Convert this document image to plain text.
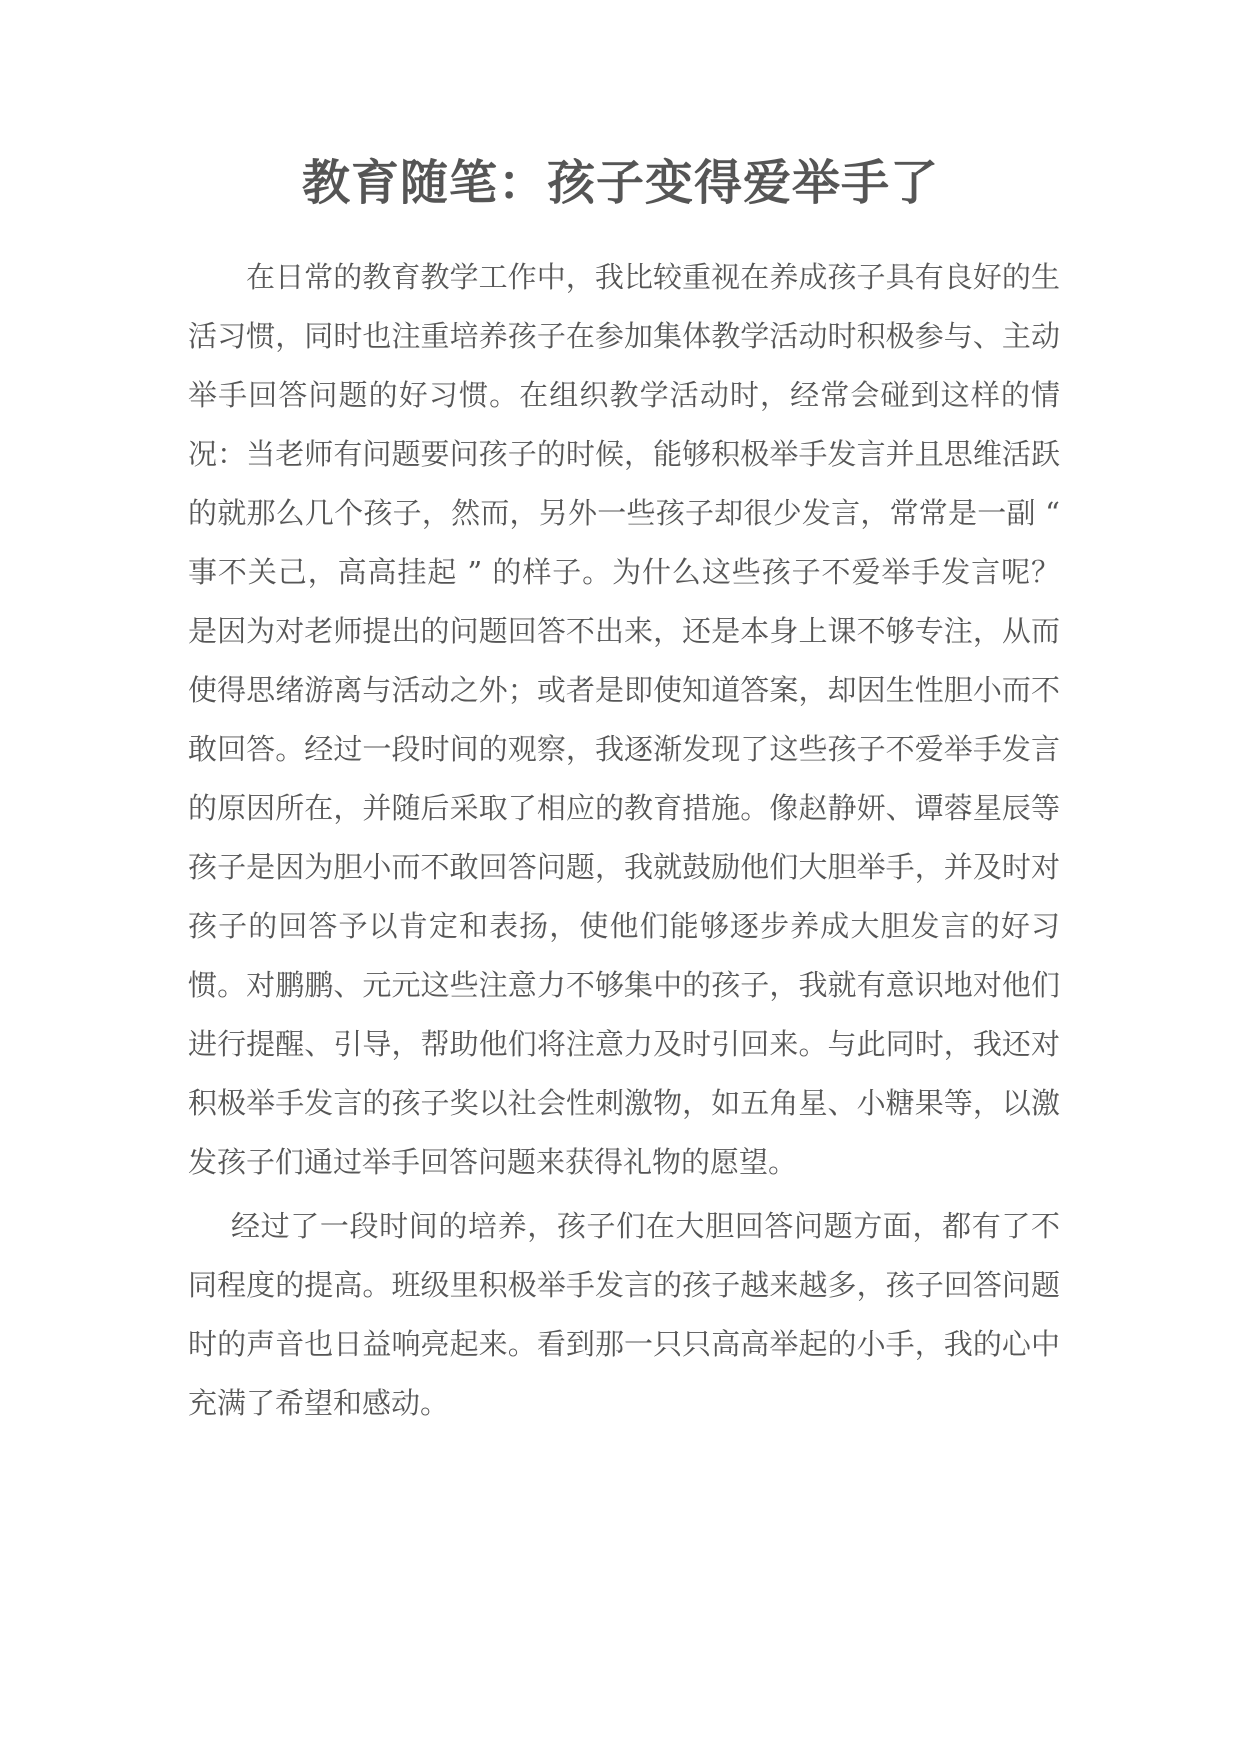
教育随笔：孩子变得爱举手了

在日常的教育教学工作中，我比较重视在养成孩子具有良好的生活习惯，同时也注重培养孩子在参加集体教学活动时积极参与、主动举手回答问题的好习惯。在组织教学活动时，经常会碰到这样的情况：当老师有问题要问孩子的时候，能够积极举手发言并且思维活跃的就那么几个孩子，然而，另外一些孩子却很少发言，常常是一副 “ 事不关己，高高挂起 ” 的样子。为什么这些孩子不爱举手发言呢？是因为对老师提出的问题回答不出来，还是本身上课不够专注，从而使得思绪游离与活动之外；或者是即使知道答案，却因生性胆小而不敢回答。经过一段时间的观察，我逐渐发现了这些孩子不爱举手发言的原因所在，并随后采取了相应的教育措施。像赵静妍、谭蓉星辰等孩子是因为胆小而不敢回答问题，我就鼓励他们大胆举手，并及时对孩子的回答予以肯定和表扬，使他们能够逐步养成大胆发言的好习惯。对鹏鹏、元元这些注意力不够集中的孩子，我就有意识地对他们进行提醒、引导，帮助他们将注意力及时引回来。与此同时，我还对积极举手发言的孩子奖以社会性刺激物，如五角星、小糖果等，以激发孩子们通过举手回答问题来获得礼物的愿望。

经过了一段时间的培养，孩子们在大胆回答问题方面，都有了不同程度的提高。班级里积极举手发言的孩子越来越多，孩子回答问题时的声音也日益响亮起来。看到那一只只高高举起的小手，我的心中充满了希望和感动。
